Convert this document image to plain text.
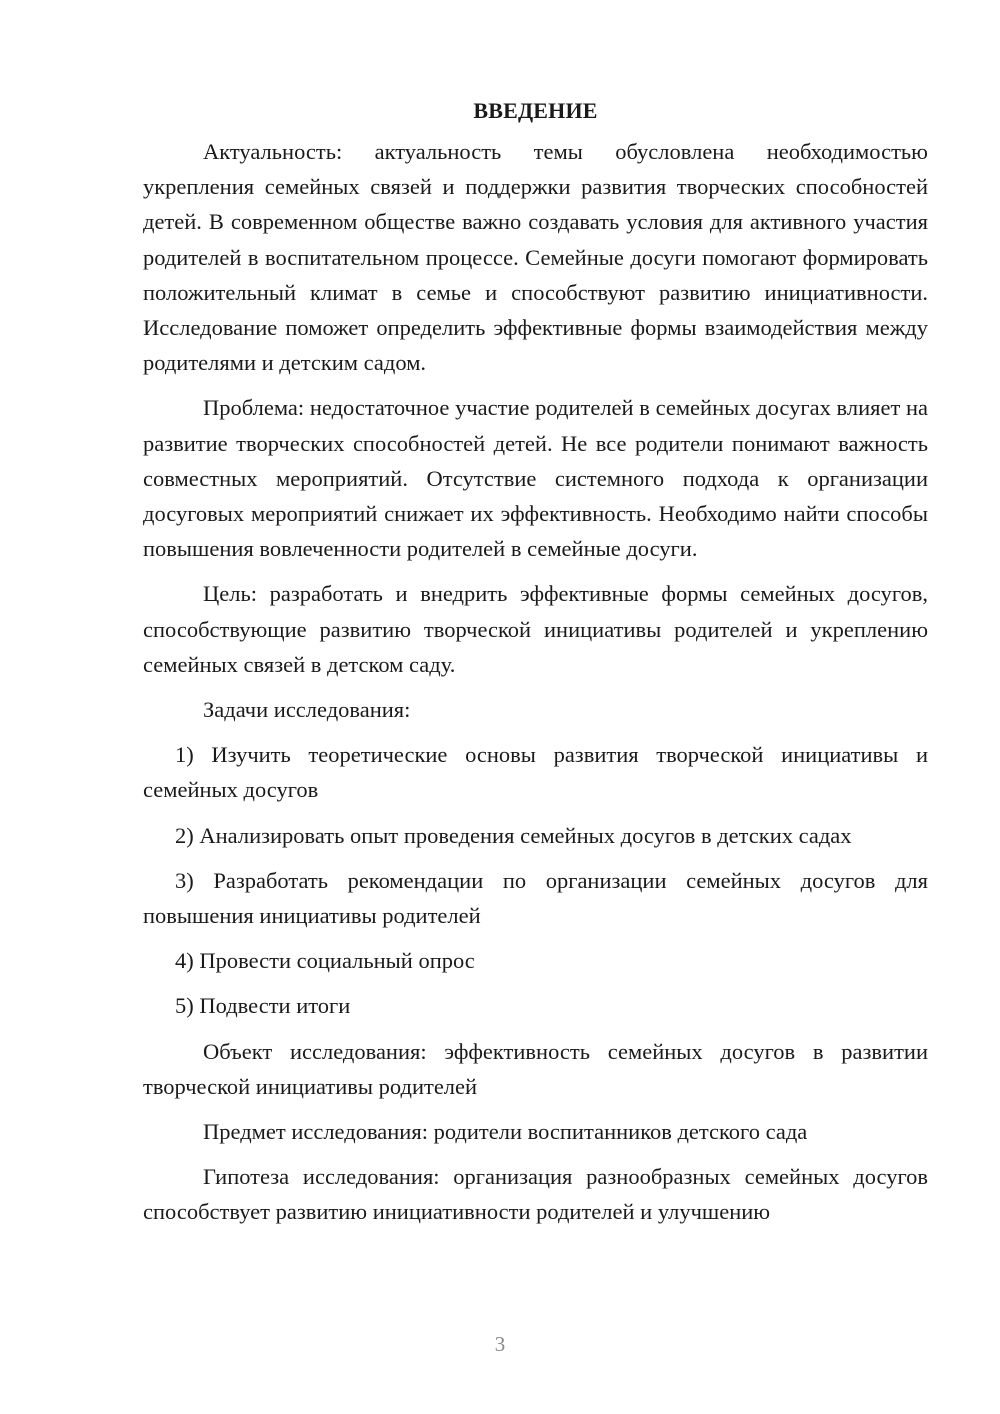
ВВЕДЕНИЕ

Актуальность: актуальность темы обусловлена необходимостью укрепления семейных связей и поддержки развития творческих способностей детей. В современном обществе важно создавать условия для активного участия родителей в воспитательном процессе. Семейные досуги помогают формировать положительный климат в семье и способствуют развитию инициативности. Исследование поможет определить эффективные формы взаимодействия между родителями и детским садом.

Проблема: недостаточное участие родителей в семейных досугах влияет на развитие творческих способностей детей. Не все родители понимают важность совместных мероприятий. Отсутствие системного подхода к организации досуговых мероприятий снижает их эффективность. Необходимо найти способы повышения вовлеченности родителей в семейные досуги.

Цель: разработать и внедрить эффективные формы семейных досугов, способствующие развитию творческой инициативы родителей и укреплению семейных связей в детском саду.

Задачи исследования:

1) Изучить теоретические основы развития творческой инициативы и семейных досугов

2) Анализировать опыт проведения семейных досугов в детских садах

3) Разработать рекомендации по организации семейных досугов для повышения инициативы родителей

4) Провести социальный опрос

5) Подвести итоги

Объект исследования: эффективность семейных досугов в развитии творческой инициативы родителей

Предмет исследования: родители воспитанников детского сада

Гипотеза исследования: организация разнообразных семейных досугов способствует развитию инициативности родителей и улучшению

3
